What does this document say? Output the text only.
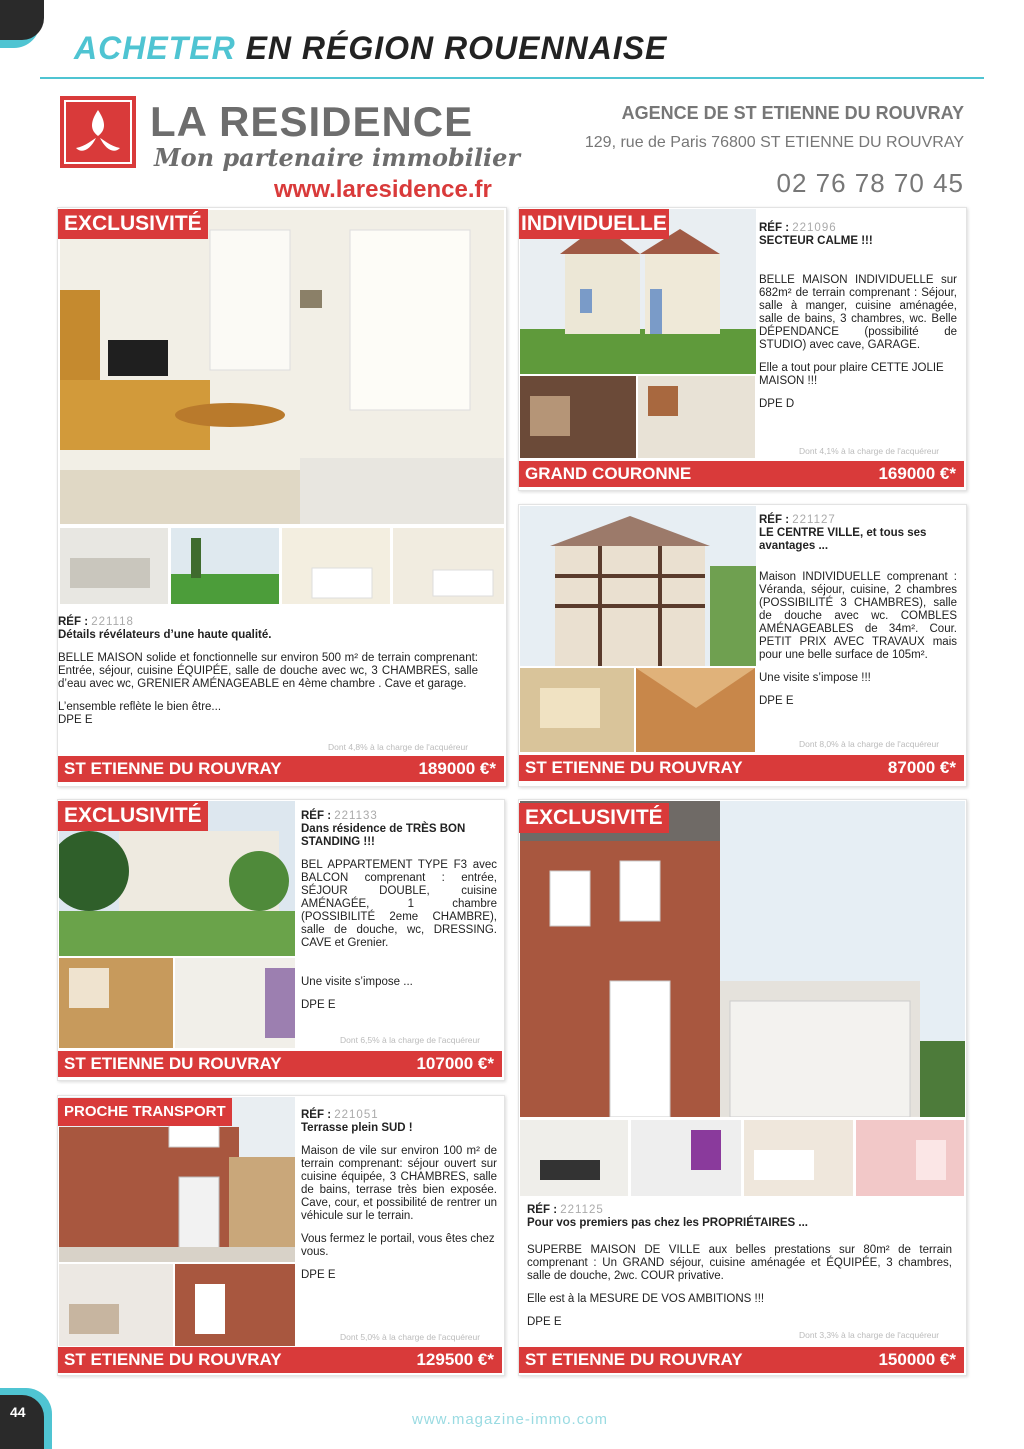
ACHETER EN RÉGION ROUENNAISE
LA RESIDENCE
Mon partenaire immobilier
www.laresidence.fr
AGENCE DE ST ETIENNE DU ROUVRAY
129, rue de Paris 76800 ST ETIENNE DU ROUVRAY
02 76 78 70 45
RÉF : 221118
Détails révélateurs d’une haute qualité.
BELLE MAISON solide et fonctionnelle sur environ 500 m² de terrain comprenant: Entrée, séjour, cuisine ÉQUIPÉE, salle de douche avec wc, 3 CHAMBRES, salle d’eau avec wc, GRENIER AMÉNAGEABLE en 4ème chambre . Cave et garage.
L’ensemble reflète le bien être...
DPE E
Dont 4,8% à la charge de l'acquéreur
ST ETIENNE DU ROUVRAY	189000 €*
EXCLUSIVITÉ	RÉF : 221096
SECTEUR CALME !!!
BELLE MAISON INDIVIDUELLE sur 682m² de terrain comprenant : Séjour, salle à manger, cuisine aménagée, salle de bains, 3 chambres, wc. Belle DÉPENDANCE (possibilité de STUDIO) avec cave, GARAGE.
Elle a tout pour plaire CETTE JOLIE MAISON !!!
DPE D
Dont 4,1% à la charge de l'acquéreur
GRAND COURONNE	169000 €*
INDIVIDUELLE
RÉF : 221127
LE CENTRE VILLE, et tous ses avantages ...
Maison INDIVIDUELLE comprenant : Véranda, séjour, cuisine, 2 chambres (POSSIBILITÉ 3 CHAMBRES), salle de douche avec wc. COMBLES AMÉNAGEABLES de 34m². Cour. PETIT PRIX AVEC TRAVAUX mais pour une belle surface de 105m².
Une visite s’impose !!!
DPE E
Dont 8,0% à la charge de l'acquéreur
ST ETIENNE DU ROUVRAY	87000 €*
RÉF : 221133
Dans résidence de TRÈS BON STANDING !!!
BEL APPARTEMENT TYPE F3 avec BALCON comprenant : entrée, SÉJOUR DOUBLE, cuisine AMÉNAGÉE, 1 chambre (POSSIBILITÉ 2eme CHAMBRE), salle de douche, wc, DRESSING. CAVE et Grenier.
Une visite s’impose ...
DPE E
Dont 6,5% à la charge de l'acquéreur
ST ETIENNE DU ROUVRAY	107000 €*
EXCLUSIVITÉ
RÉF : 221125
Pour vos premiers pas chez les PROPRIÉTAIRES ...
SUPERBE MAISON DE VILLE aux belles prestations sur 80m² de terrain comprenant : Un GRAND séjour, cuisine aménagée et ÉQUIPÉE, 3 chambres, salle de douche, 2wc. COUR privative.
Elle est à la MESURE DE VOS AMBITIONS !!!
DPE E
Dont 3,3% à la charge de l'acquéreur
ST ETIENNE DU ROUVRAY	150000 €*
EXCLUSIVITÉ
RÉF : 221051
Terrasse plein SUD !
Maison de vile sur environ 100 m² de terrain comprenant: séjour ouvert sur cuisine équipée, 3 CHAMBRES, salle de bains, terrase très bien exposée. Cave, cour, et possibilité de rentrer un véhicule sur le terrain.
Vous fermez le portail, vous êtes chez vous.
DPE E
Dont 5,0% à la charge de l'acquéreur
ST ETIENNE DU ROUVRAY	129500 €*
PROCHE TRANSPORT
44	www.magazine-immo.com
